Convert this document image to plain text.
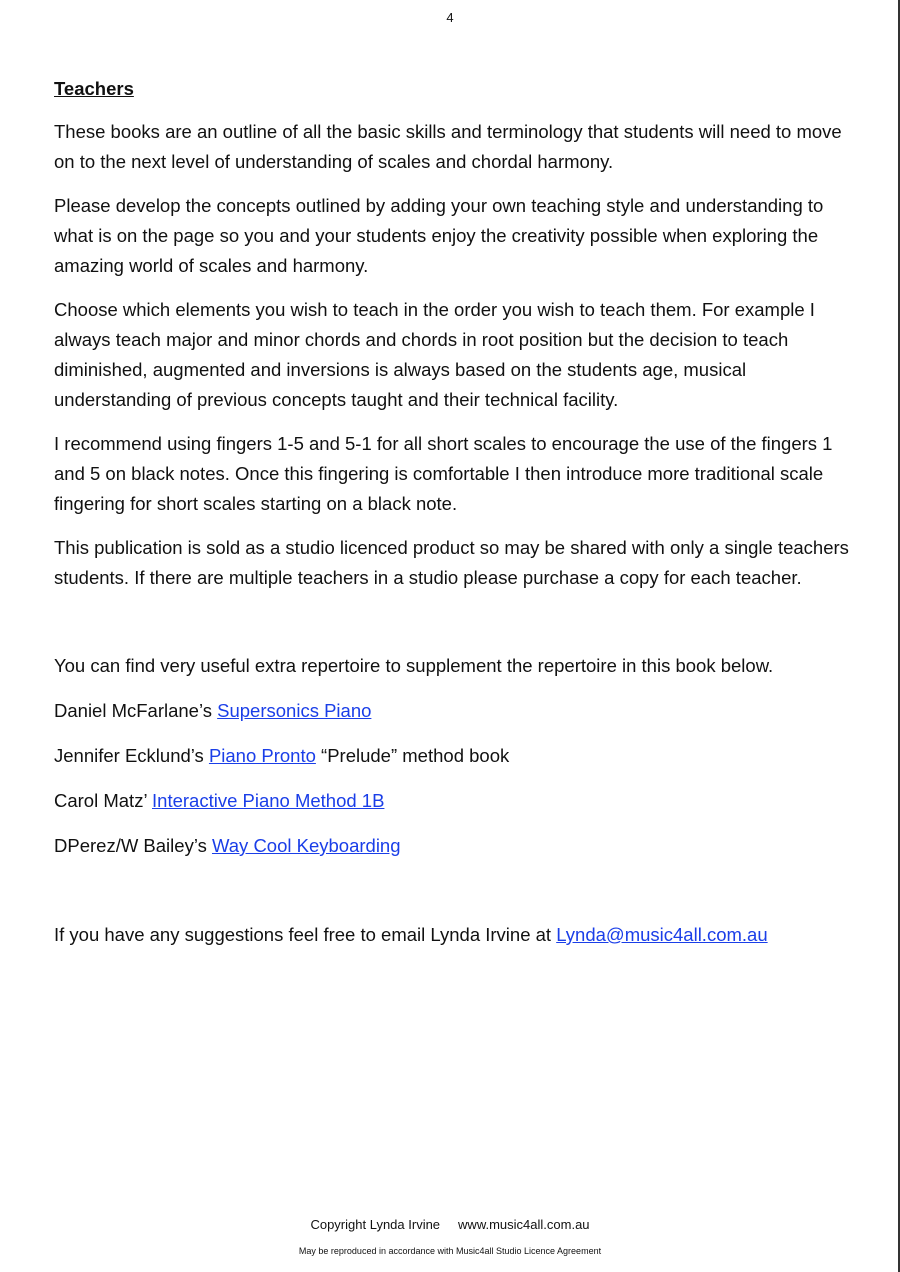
4
Teachers

These books are an outline of all the basic skills and terminology that students will need to move on to the next level of understanding of scales and chordal harmony.

Please develop the concepts outlined by adding your own teaching style and understanding to what is on the page so you and your students enjoy the creativity possible when exploring the amazing world of scales and harmony.

Choose which elements you wish to teach in the order you wish to teach them. For example I always teach major and minor chords and chords in root position but the decision to teach diminished, augmented and inversions is always based on the students age, musical understanding of previous concepts taught and their technical facility.

I recommend using fingers 1-5 and 5-1 for all short scales to encourage the use of the fingers 1 and 5 on black notes. Once this fingering is comfortable I then introduce more traditional scale fingering for short scales starting on a black note.

This publication is sold as a studio licenced product so may be shared with only a single teachers students. If there are multiple teachers in a studio please purchase a copy for each teacher.

You can find very useful extra repertoire to supplement the repertoire in this book below.

Daniel McFarlane’s Supersonics Piano

Jennifer Ecklund’s Piano Pronto “Prelude” method book

Carol Matz’ Interactive Piano Method 1B

DPerez/W Bailey’s Way Cool Keyboarding

If you have any suggestions feel free to email Lynda Irvine at Lynda@music4all.com.au

Copyright Lynda Irvine www.music4all.com.au
May be reproduced in accordance with Music4all Studio Licence Agreement
